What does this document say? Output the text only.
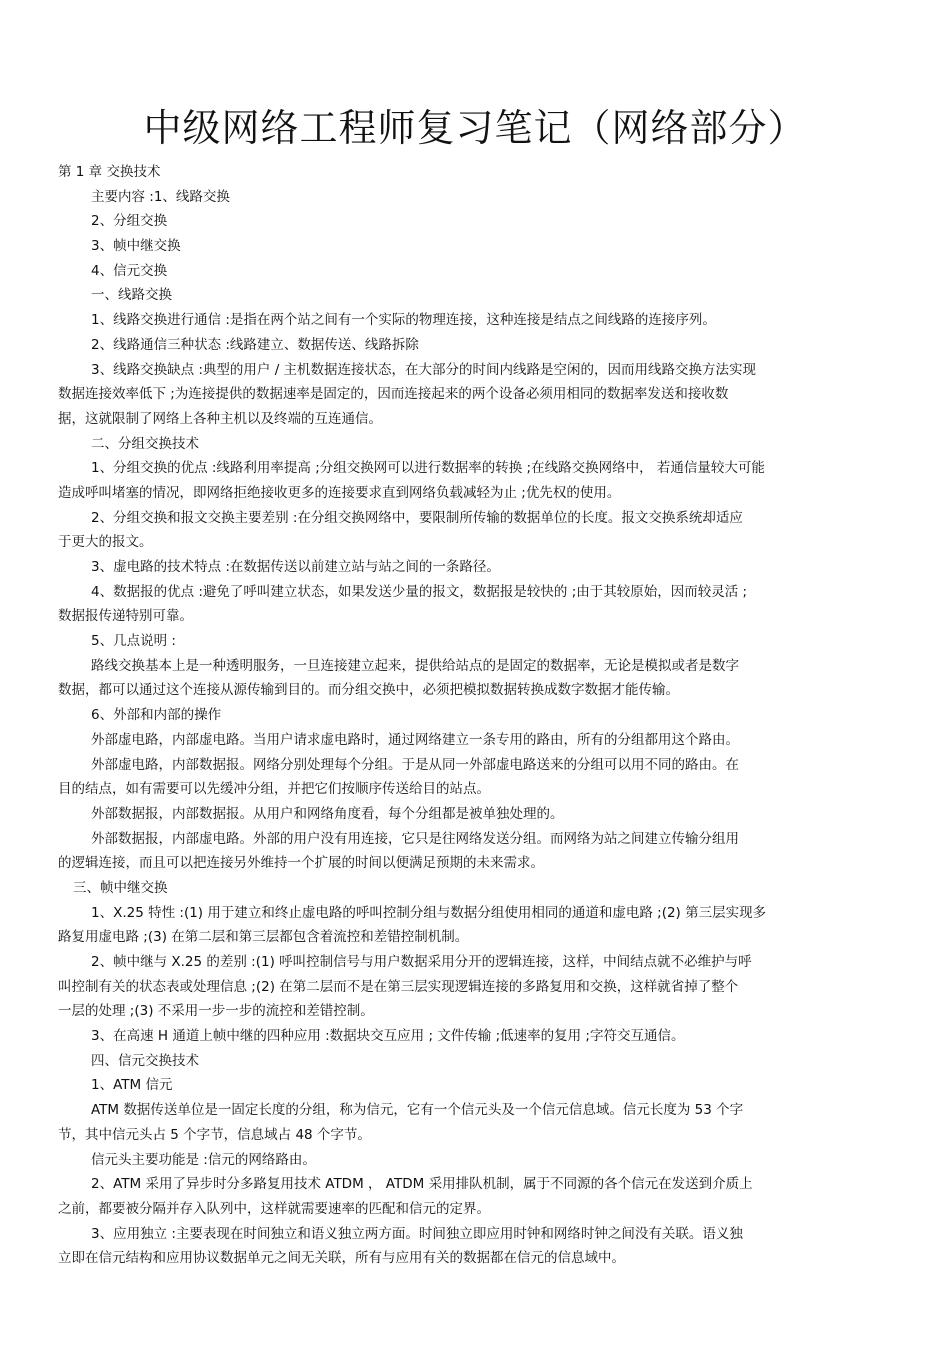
中级网络工程师复习笔记（网络部分）
第 1 章 交换技术
主要内容 :1、线路交换
2、分组交换
3、帧中继交换
4、信元交换
一、线路交换
1、线路交换进行通信 :是指在两个站之间有一个实际的物理连接，这种连接是结点之间线路的连接序列。
2、线路通信三种状态 :线路建立、数据传送、线路拆除
3、线路交换缺点 :典型的用户 / 主机数据连接状态，在大部分的时间内线路是空闲的，因而用线路交换方法实现
数据连接效率低下 ;为连接提供的数据速率是固定的，因而连接起来的两个设备必须用相同的数据率发送和接收数
据，这就限制了网络上各种主机以及终端的互连通信。
二、分组交换技术
1、分组交换的优点 :线路利用率提高 ;分组交换网可以进行数据率的转换 ;在线路交换网络中， 若通信量较大可能
造成呼叫堵塞的情况，即网络拒绝接收更多的连接要求直到网络负载减轻为止 ;优先权的使用。
2、分组交换和报文交换主要差别 :在分组交换网络中，要限制所传输的数据单位的长度。报文交换系统却适应
于更大的报文。
3、虚电路的技术特点 :在数据传送以前建立站与站之间的一条路径。
4、数据报的优点 :避免了呼叫建立状态，如果发送少量的报文，数据报是较快的 ;由于其较原始，因而较灵活 ;
数据报传递特别可靠。
5、几点说明 :
路线交换基本上是一种透明服务，一旦连接建立起来，提供给站点的是固定的数据率，无论是模拟或者是数字
数据，都可以通过这个连接从源传输到目的。而分组交换中，必须把模拟数据转换成数字数据才能传输。
6、外部和内部的操作
外部虚电路，内部虚电路。当用户请求虚电路时，通过网络建立一条专用的路由，所有的分组都用这个路由。
外部虚电路，内部数据报。网络分别处理每个分组。于是从同一外部虚电路送来的分组可以用不同的路由。在
目的结点，如有需要可以先缓冲分组，并把它们按顺序传送给目的站点。
外部数据报，内部数据报。从用户和网络角度看，每个分组都是被单独处理的。
外部数据报，内部虚电路。外部的用户没有用连接，它只是往网络发送分组。而网络为站之间建立传输分组用
的逻辑连接，而且可以把连接另外维持一个扩展的时间以便满足预期的未来需求。
三、帧中继交换
1、X.25 特性 :(1) 用于建立和终止虚电路的呼叫控制分组与数据分组使用相同的通道和虚电路 ;(2) 第三层实现多
路复用虚电路 ;(3) 在第二层和第三层都包含着流控和差错控制机制。
2、帧中继与 X.25 的差别 :(1) 呼叫控制信号与用户数据采用分开的逻辑连接，这样，中间结点就不必维护与呼
叫控制有关的状态表或处理信息 ;(2) 在第二层而不是在第三层实现逻辑连接的多路复用和交换，这样就省掉了整个
一层的处理 ;(3) 不采用一步一步的流控和差错控制。
3、在高速 H 通道上帧中继的四种应用 :数据块交互应用 ; 文件传输 ;低速率的复用 ;字符交互通信。
四、信元交换技术
1、ATM 信元
ATM 数据传送单位是一固定长度的分组，称为信元，它有一个信元头及一个信元信息域。信元长度为 53 个字
节，其中信元头占 5 个字节，信息域占 48 个字节。
信元头主要功能是 :信元的网络路由。
2、ATM 采用了异步时分多路复用技术 ATDM ， ATDM 采用排队机制，属于不同源的各个信元在发送到介质上
之前，都要被分隔并存入队列中，这样就需要速率的匹配和信元的定界。
3、应用独立 :主要表现在时间独立和语义独立两方面。时间独立即应用时钟和网络时钟之间没有关联。语义独
立即在信元结构和应用协议数据单元之间无关联，所有与应用有关的数据都在信元的信息域中。
